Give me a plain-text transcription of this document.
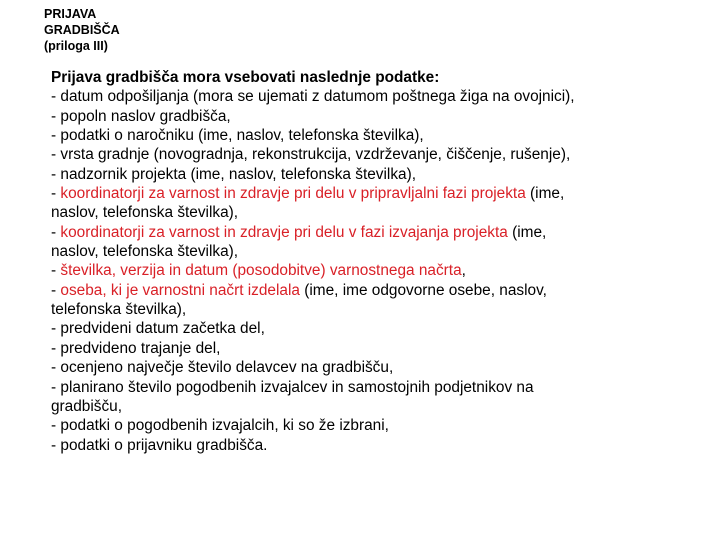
PRIJAVA
GRADBIŠČA
(priloga III)
Prijava gradbišča mora vsebovati naslednje podatke:
- datum odpošiljanja (mora se ujemati z datumom poštnega žiga na ovojnici),
- popoln naslov gradbišča,
- podatki o naročniku (ime, naslov, telefonska številka),
- vrsta gradnje (novogradnja, rekonstrukcija, vzdrževanje, čiščenje, rušenje),
- nadzornik projekta (ime, naslov, telefonska številka),
- koordinatorji za varnost in zdravje pri delu v pripravljalni fazi projekta (ime,
naslov, telefonska številka),
- koordinatorji za varnost in zdravje pri delu v fazi izvajanja projekta (ime,
naslov, telefonska številka),
- številka, verzija in datum (posodobitve) varnostnega načrta,
- oseba, ki je varnostni načrt izdelala (ime, ime odgovorne osebe, naslov,
telefonska številka),
- predvideni datum začetka del,
- predvideno trajanje del,
- ocenjeno največje število delavcev na gradbišču,
- planirano število pogodbenih izvajalcev in samostojnih podjetnikov na
gradbišču,
- podatki o pogodbenih izvajalcih, ki so že izbrani,
- podatki o prijavniku gradbišča.
